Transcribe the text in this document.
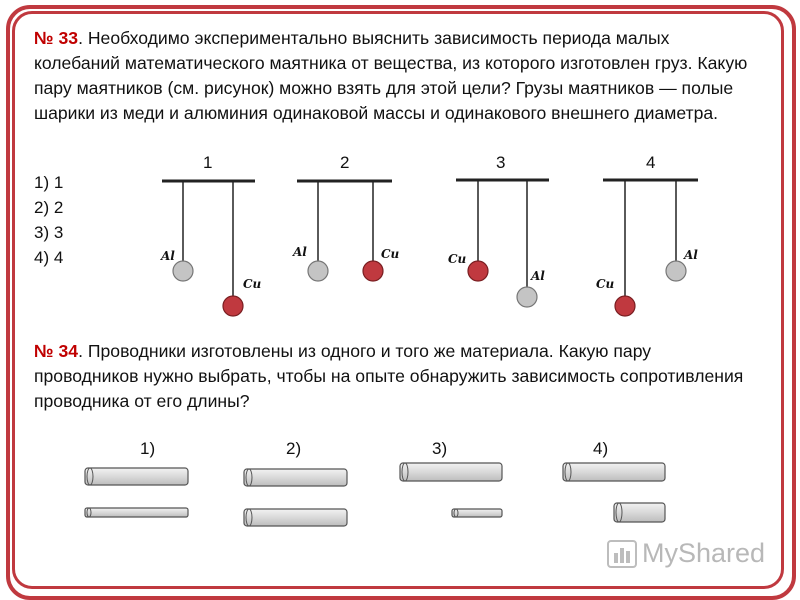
№ 33. Необходимо экспериментально выяснить зависимость периода малых колебаний математического маятника от вещества, из которого изготовлен груз. Какую пару маятников (см. рисунок) можно взять для этой цели? Грузы маятников — полые шарики из меди и алюминия одинаковой массы и одинакового внешнего диаметра.
1) 1
2) 2
3) 3
4) 4
1	2	3	4
Al
Cu
Al	Cu	Cu
Al
Cu
Al
№ 34. Проводники изготовлены из одного и того же материала. Какую пару проводников нужно выбрать, чтобы на опыте обнаружить зависимость сопротивления проводника от его длины?
1)	2)	3)	4)
MyShared
